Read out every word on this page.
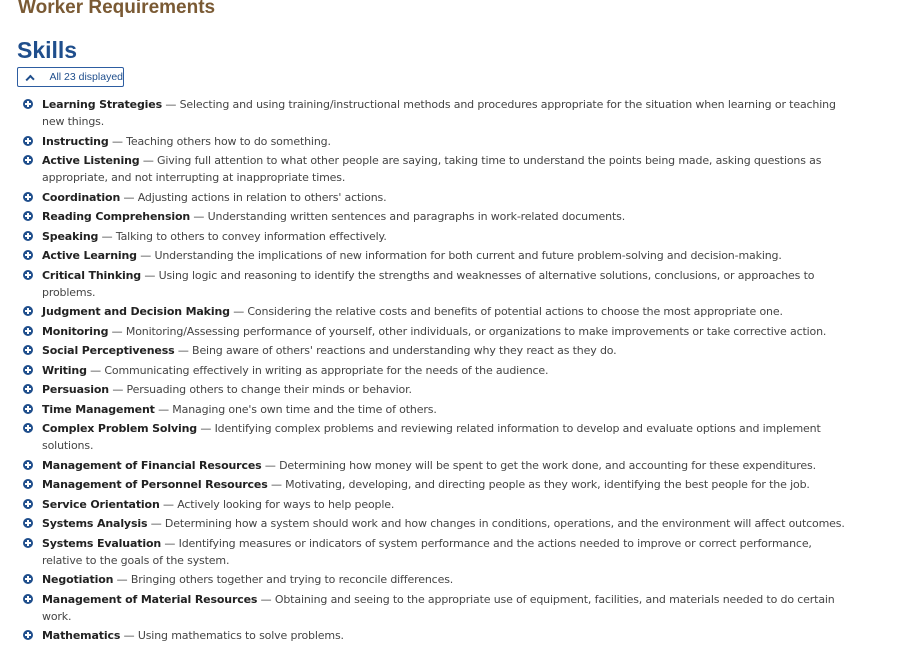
Worker Requirements
Skills
All 23 displayed
Learning Strategies — Selecting and using training/instructional methods and procedures appropriate for the situation when learning or teaching new things.
Instructing — Teaching others how to do something.
Active Listening — Giving full attention to what other people are saying, taking time to understand the points being made, asking questions as appropriate, and not interrupting at inappropriate times.
Coordination — Adjusting actions in relation to others' actions.
Reading Comprehension — Understanding written sentences and paragraphs in work-related documents.
Speaking — Talking to others to convey information effectively.
Active Learning — Understanding the implications of new information for both current and future problem-solving and decision-making.
Critical Thinking — Using logic and reasoning to identify the strengths and weaknesses of alternative solutions, conclusions, or approaches to problems.
Judgment and Decision Making — Considering the relative costs and benefits of potential actions to choose the most appropriate one.
Monitoring — Monitoring/Assessing performance of yourself, other individuals, or organizations to make improvements or take corrective action.
Social Perceptiveness — Being aware of others' reactions and understanding why they react as they do.
Writing — Communicating effectively in writing as appropriate for the needs of the audience.
Persuasion — Persuading others to change their minds or behavior.
Time Management — Managing one's own time and the time of others.
Complex Problem Solving — Identifying complex problems and reviewing related information to develop and evaluate options and implement solutions.
Management of Financial Resources — Determining how money will be spent to get the work done, and accounting for these expenditures.
Management of Personnel Resources — Motivating, developing, and directing people as they work, identifying the best people for the job.
Service Orientation — Actively looking for ways to help people.
Systems Analysis — Determining how a system should work and how changes in conditions, operations, and the environment will affect outcomes.
Systems Evaluation — Identifying measures or indicators of system performance and the actions needed to improve or correct performance, relative to the goals of the system.
Negotiation — Bringing others together and trying to reconcile differences.
Management of Material Resources — Obtaining and seeing to the appropriate use of equipment, facilities, and materials needed to do certain work.
Mathematics — Using mathematics to solve problems.
